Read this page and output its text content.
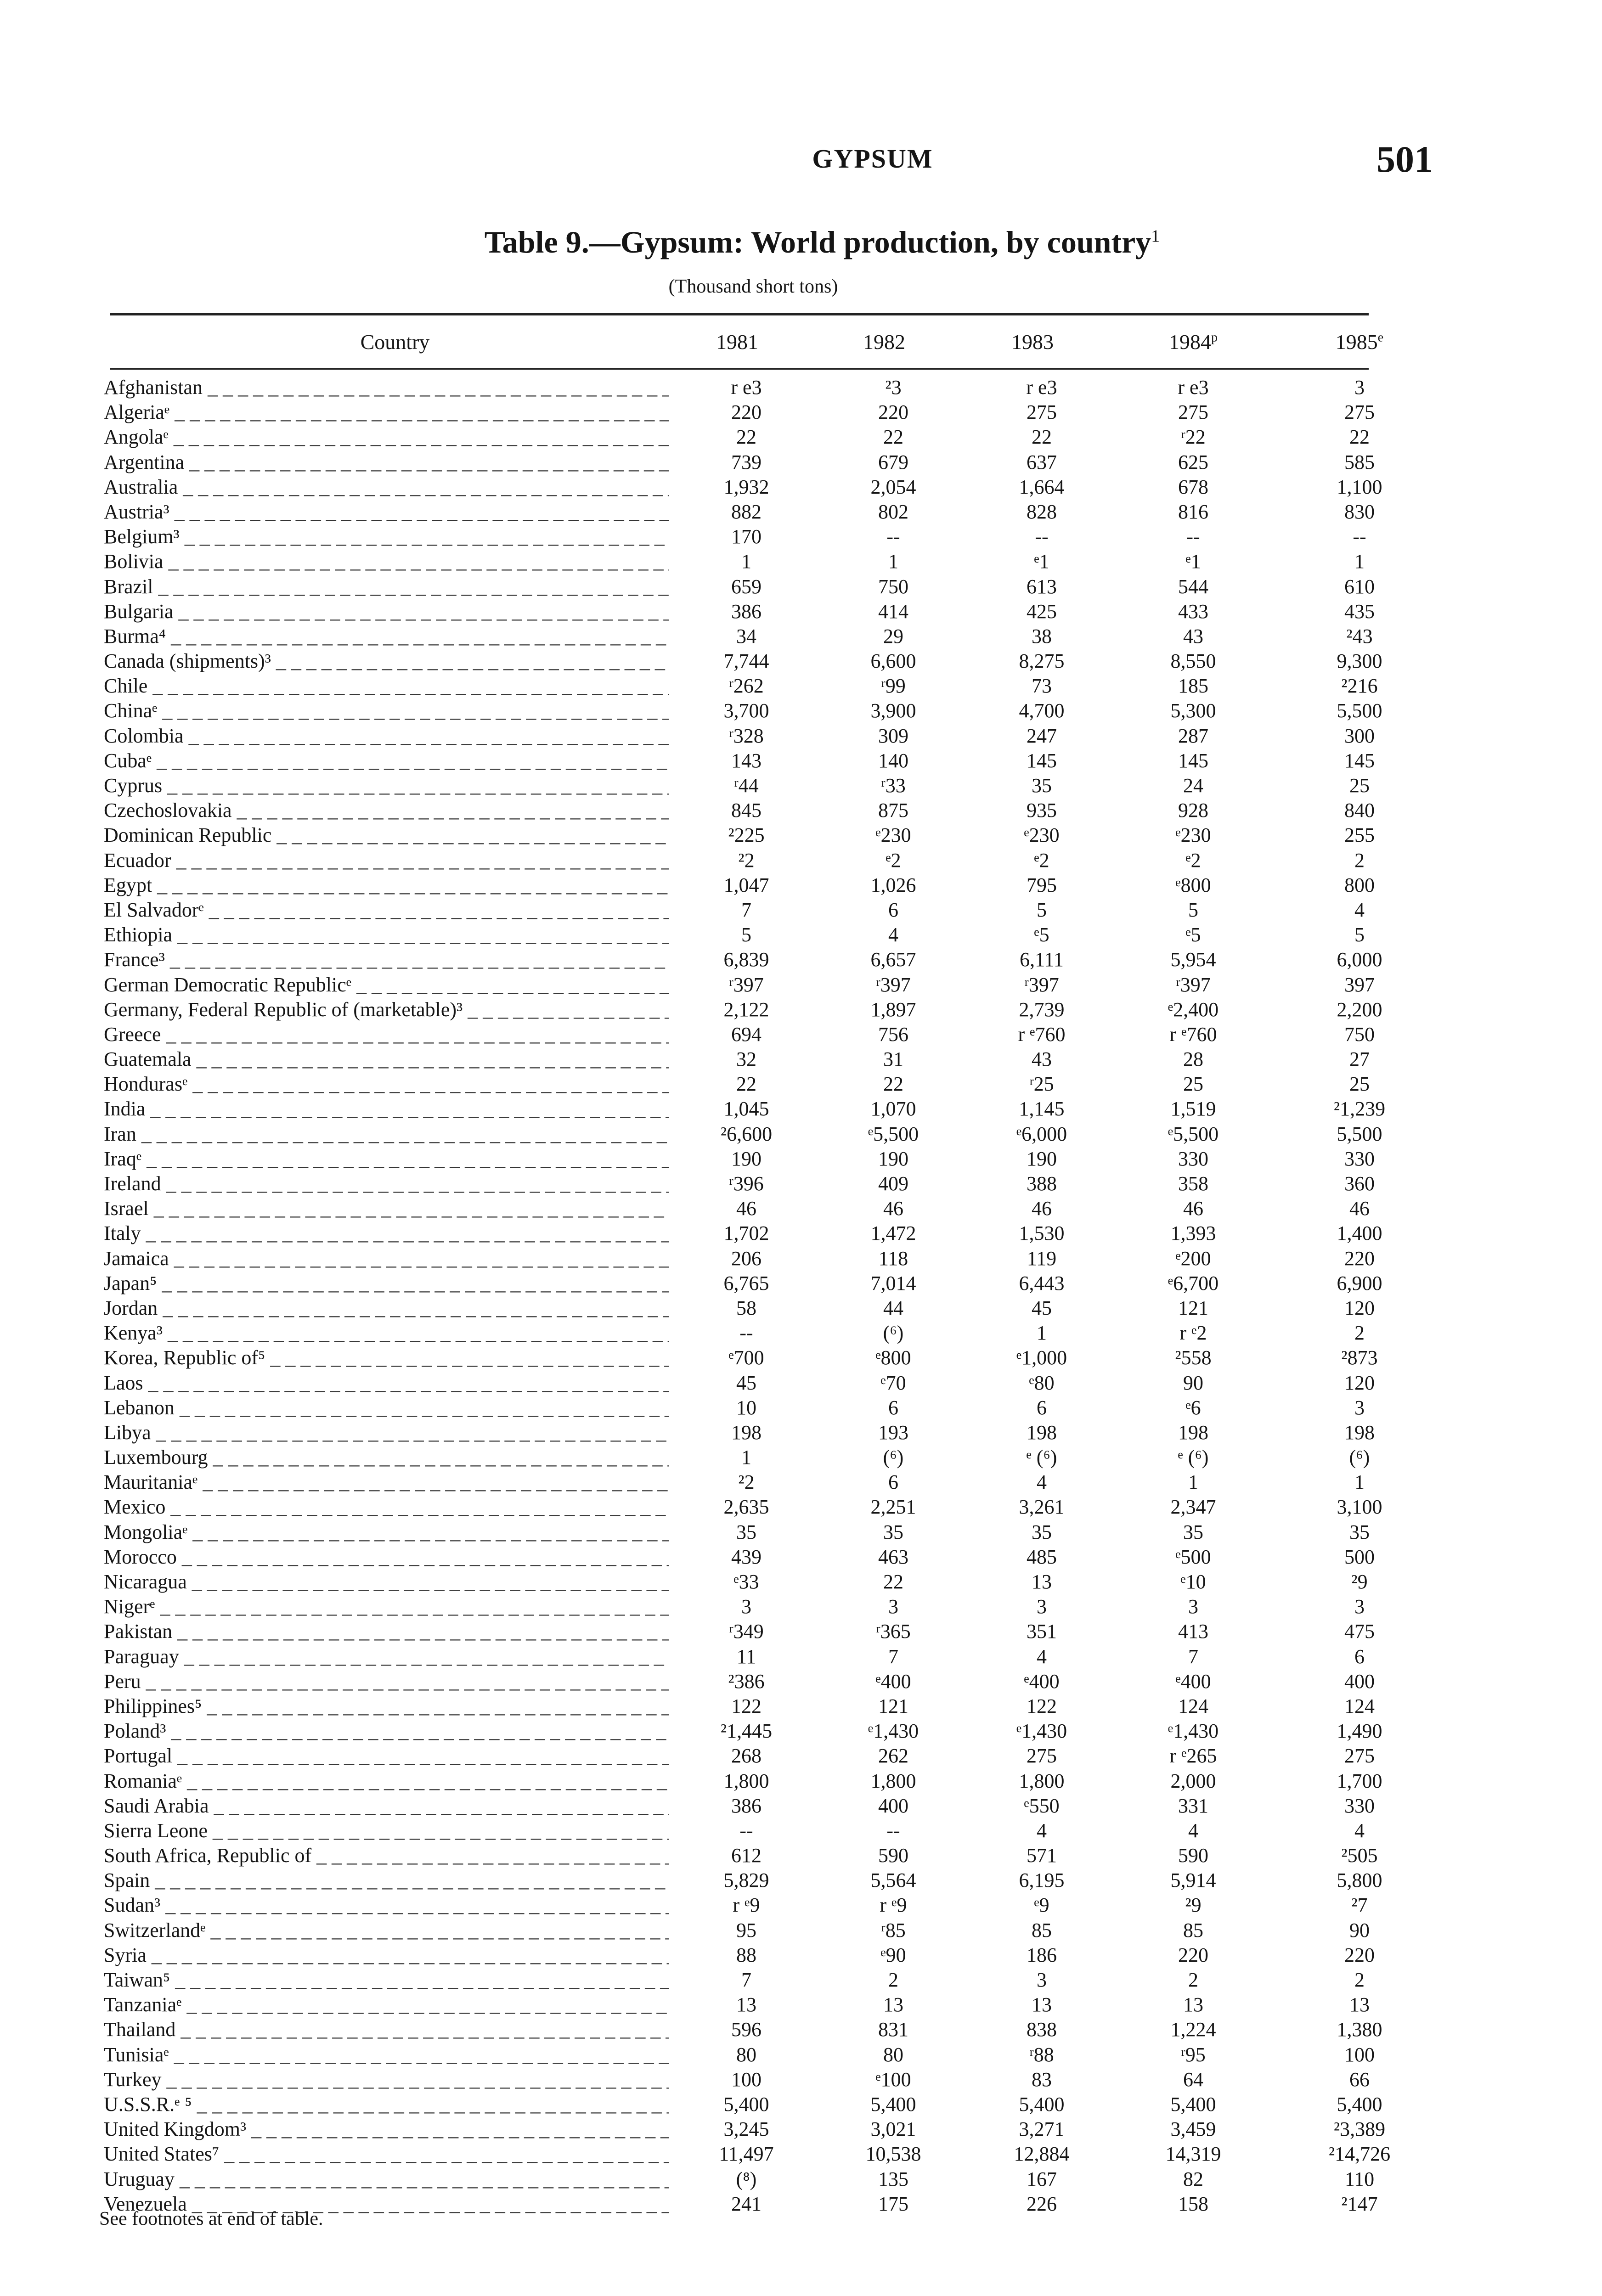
GYPSUM	501
Table 9.—Gypsum: World production, by country$^1$
(Thousand short tons)
Country	1981	1982	1983	1984$^p$	1985e
Afghanistan _ _ _	r e3	²3	r e3	r e3	3
Algeriaᵉ _ _ _	220	220	275	275	275
Angolaᵉ _ _ _	22	22	22	ʳ22	22
Argentina _ _ _	739	679	637	625	585
Australia _ _ _	1,932	2,054	1,664	678	1,100
Austria³ _ _ _	882	802	828	816	830
Belgium³ _ _ _	170	--	--	--	--
Bolivia _ _ _	1	1	ᵉ1	ᵉ1	1
Brazil _ _ _	659	750	613	544	610
Bulgaria _ _ _	386	414	425	433	435
Burma⁴ _ _ _	34	29	38	43	²43
Canada (shipments)³ _ _ _	7,744	6,600	8,275	8,550	9,300
Chile _ _ _	ʳ262	ʳ99	73	185	²216
Chinaᵉ _ _ _	3,700	3,900	4,700	5,300	5,500
Colombia _ _ _	ʳ328	309	247	287	300
Cubaᵉ _ _ _	143	140	145	145	145
Cyprus _ _ _	ʳ44	ʳ33	35	24	25
Czechoslovakia _ _ _	845	875	935	928	840
Dominican Republic _ _ _	²225	ᵉ230	ᵉ230	ᵉ230	255
Ecuador _ _ _	²2	ᵉ2	ᵉ2	ᵉ2	2
Egypt _ _ _	1,047	1,026	795	ᵉ800	800
El Salvadorᵉ _ _ _	7	6	5	5	4
Ethiopia _ _ _	5	4	ᵉ5	ᵉ5	5
France³ _ _ _	6,839	6,657	6,111	5,954	6,000
German Democratic Republicᵉ _ _ _	ʳ397	ʳ397	ʳ397	ʳ397	397
Germany, Federal Republic of (marketable)³ _ _ _	2,122	1,897	2,739	ᵉ2,400	2,200
Greece _ _ _	694	756	r ᵉ760	r ᵉ760	750
Guatemala _ _ _	32	31	43	28	27
Hondurasᵉ _ _ _	22	22	ʳ25	25	25
India _ _ _	1,045	1,070	1,145	1,519	²1,239
Iran _ _ _	²6,600	ᵉ5,500	ᵉ6,000	ᵉ5,500	5,500
Iraqᵉ _ _ _	190	190	190	330	330
Ireland _ _ _	ʳ396	409	388	358	360
Israel _ _ _	46	46	46	46	46
Italy _ _ _	1,702	1,472	1,530	1,393	1,400
Jamaica _ _ _	206	118	119	ᵉ200	220
Japan⁵ _ _ _	6,765	7,014	6,443	ᵉ6,700	6,900
Jordan _ _ _	58	44	45	121	120
Kenya³ _ _ _	--	(⁶)	1	r ᵉ2	2
Korea, Republic of⁵ _ _ _	ᵉ700	ᵉ800	ᵉ1,000	²558	²873
Laos _ _ _	45	ᵉ70	ᵉ80	90	120
Lebanon _ _ _	10	6	6	ᵉ6	3
Libya _ _ _	198	193	198	198	198
Luxembourg _ _ _	1	(⁶)	ᵉ (⁶)	ᵉ (⁶)	(⁶)
Mauritaniaᵉ _ _ _	²2	6	4	1	1
Mexico _ _ _	2,635	2,251	3,261	2,347	3,100
Mongoliaᵉ _ _ _	35	35	35	35	35
Morocco _ _ _	439	463	485	ᵉ500	500
Nicaragua _ _ _	ᵉ33	22	13	ᵉ10	²9
Nigerᵉ _ _ _	3	3	3	3	3
Pakistan _ _ _	ʳ349	ʳ365	351	413	475
Paraguay _ _ _	11	7	4	7	6
Peru _ _ _	²386	ᵉ400	ᵉ400	ᵉ400	400
Philippines⁵ _ _ _	122	121	122	124	124
Poland³ _ _ _	²1,445	ᵉ1,430	ᵉ1,430	ᵉ1,430	1,490
Portugal _ _ _	268	262	275	r ᵉ265	275
Romaniaᵉ _ _ _	1,800	1,800	1,800	2,000	1,700
Saudi Arabia _ _ _	386	400	ᵉ550	331	330
Sierra Leone _ _ _	--	--	4	4	4
South Africa, Republic of _ _ _	612	590	571	590	²505
Spain _ _ _	5,829	5,564	6,195	5,914	5,800
Sudan³ _ _ _	r ᵉ9	r ᵉ9	ᵉ9	²9	²7
Switzerlandᵉ _ _ _	95	ʳ85	85	85	90
Syria _ _ _	88	ᵉ90	186	220	220
Taiwan⁵ _ _ _	7	2	3	2	2
Tanzaniaᵉ _ _ _	13	13	13	13	13
Thailand _ _ _	596	831	838	1,224	1,380
Tunisiaᵉ _ _ _	80	80	ʳ88	ʳ95	100
Turkey _ _ _	100	ᵉ100	83	64	66
U.S.S.R.ᵉ ⁵ _ _ _	5,400	5,400	5,400	5,400	5,400
United Kingdom³ _ _ _	3,245	3,021	3,271	3,459	²3,389
United States⁷ _ _ _	11,497	10,538	12,884	14,319	²14,726
Uruguay _ _ _	(⁸)	135	167	82	110
Venezuela _ _ _	241	175	226	158	²147
See footnotes at end of table.
